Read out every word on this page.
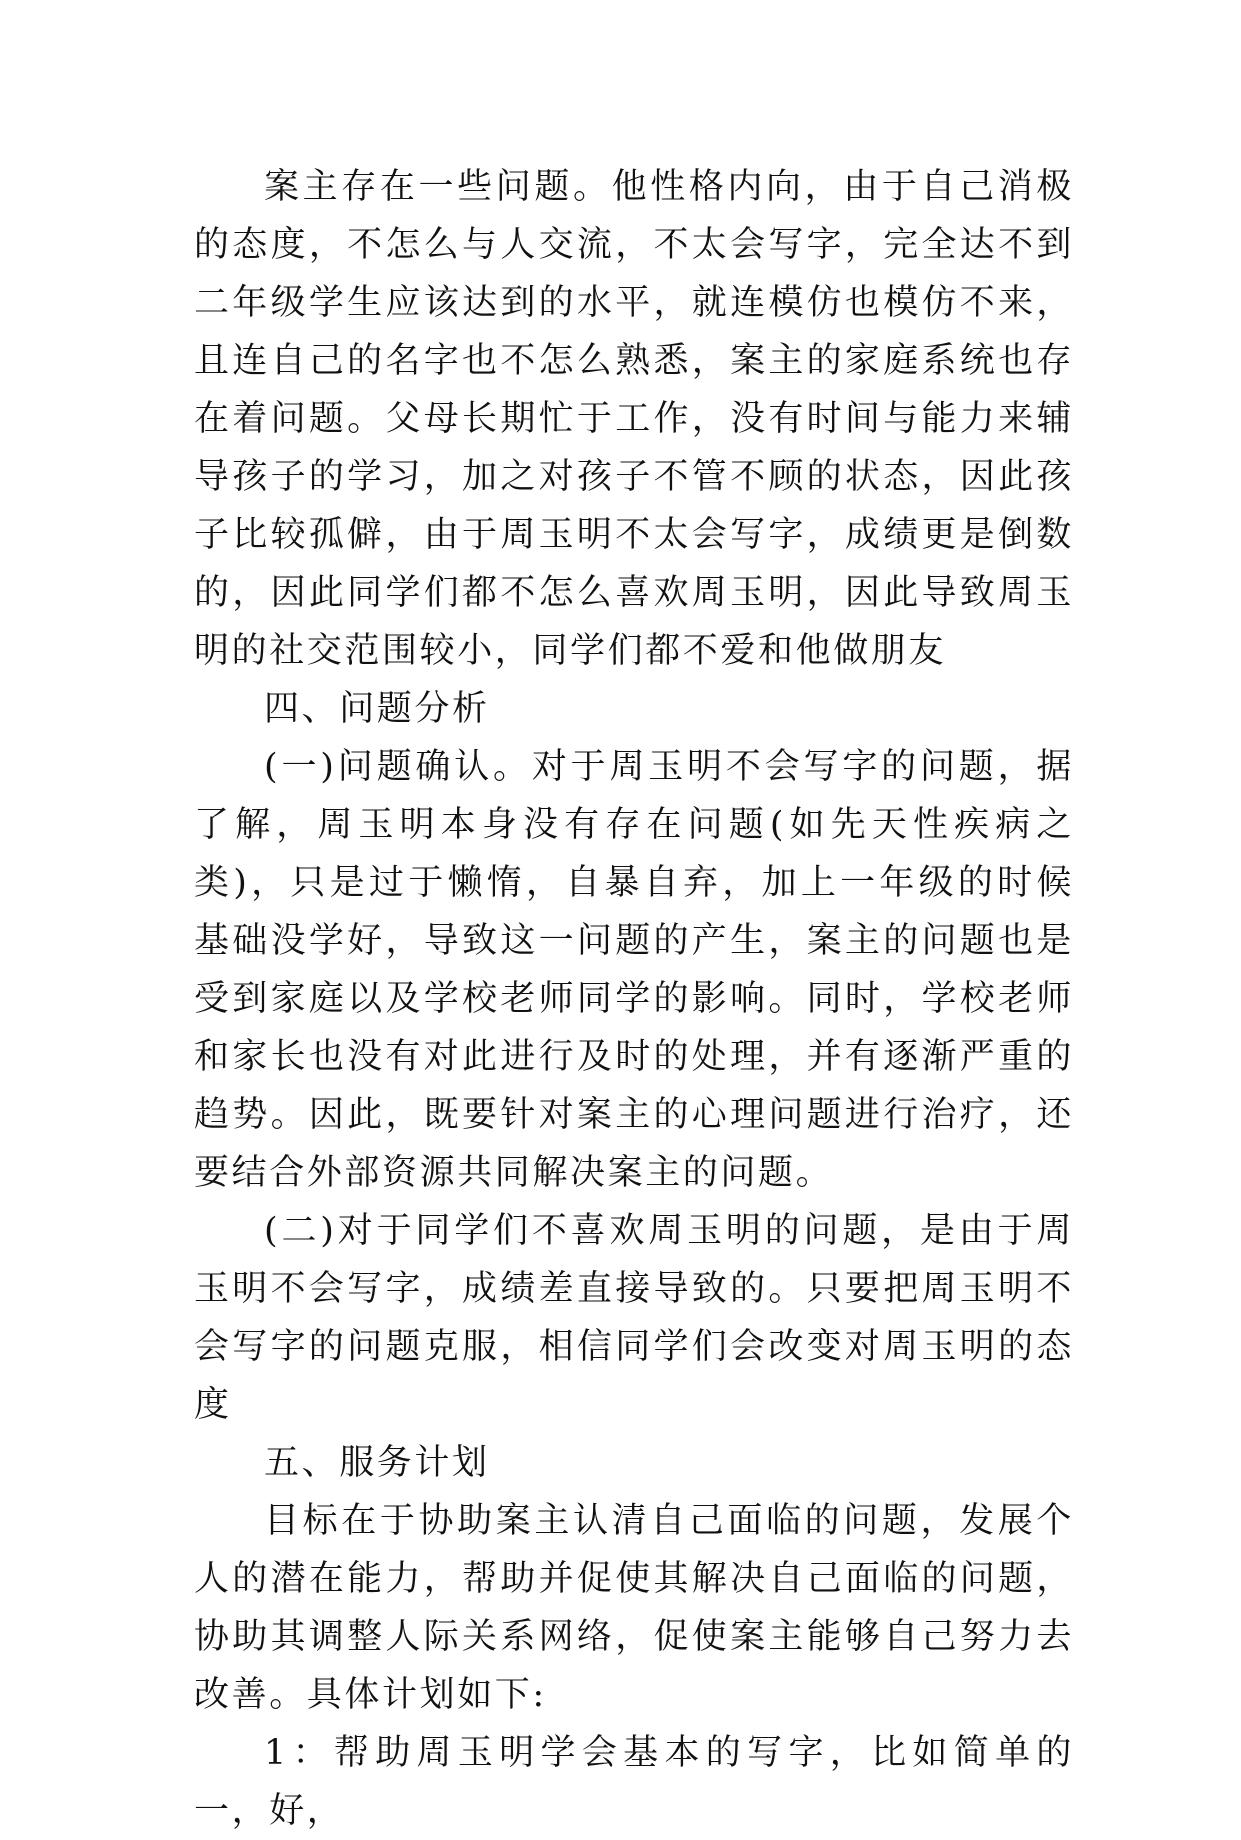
案主存在一些问题。他性格内向，由于自己消极的态度，不怎么与人交流，不太会写字，完全达不到二年级学生应该达到的水平，就连模仿也模仿不来，且连自己的名字也不怎么熟悉，案主的家庭系统也存在着问题。父母长期忙于工作，没有时间与能力来辅导孩子的学习，加之对孩子不管不顾的状态，因此孩子比较孤僻，由于周玉明不太会写字，成绩更是倒数的，因此同学们都不怎么喜欢周玉明，因此导致周玉明的社交范围较小，同学们都不爱和他做朋友

四、问题分析

(一)问题确认。对于周玉明不会写字的问题，据了解，周玉明本身没有存在问题(如先天性疾病之类)，只是过于懒惰，自暴自弃，加上一年级的时候基础没学好，导致这一问题的产生，案主的问题也是受到家庭以及学校老师同学的影响。同时，学校老师和家长也没有对此进行及时的处理，并有逐渐严重的趋势。因此，既要针对案主的心理问题进行治疗，还要结合外部资源共同解决案主的问题。

(二)对于同学们不喜欢周玉明的问题，是由于周玉明不会写字，成绩差直接导致的。只要把周玉明不会写字的问题克服，相信同学们会改变对周玉明的态度

五、服务计划

目标在于协助案主认清自己面临的问题，发展个人的潜在能力，帮助并促使其解决自己面临的问题，协助其调整人际关系网络，促使案主能够自己努力去改善。具体计划如下:

1：帮助周玉明学会基本的写字，比如简单的一，好，
